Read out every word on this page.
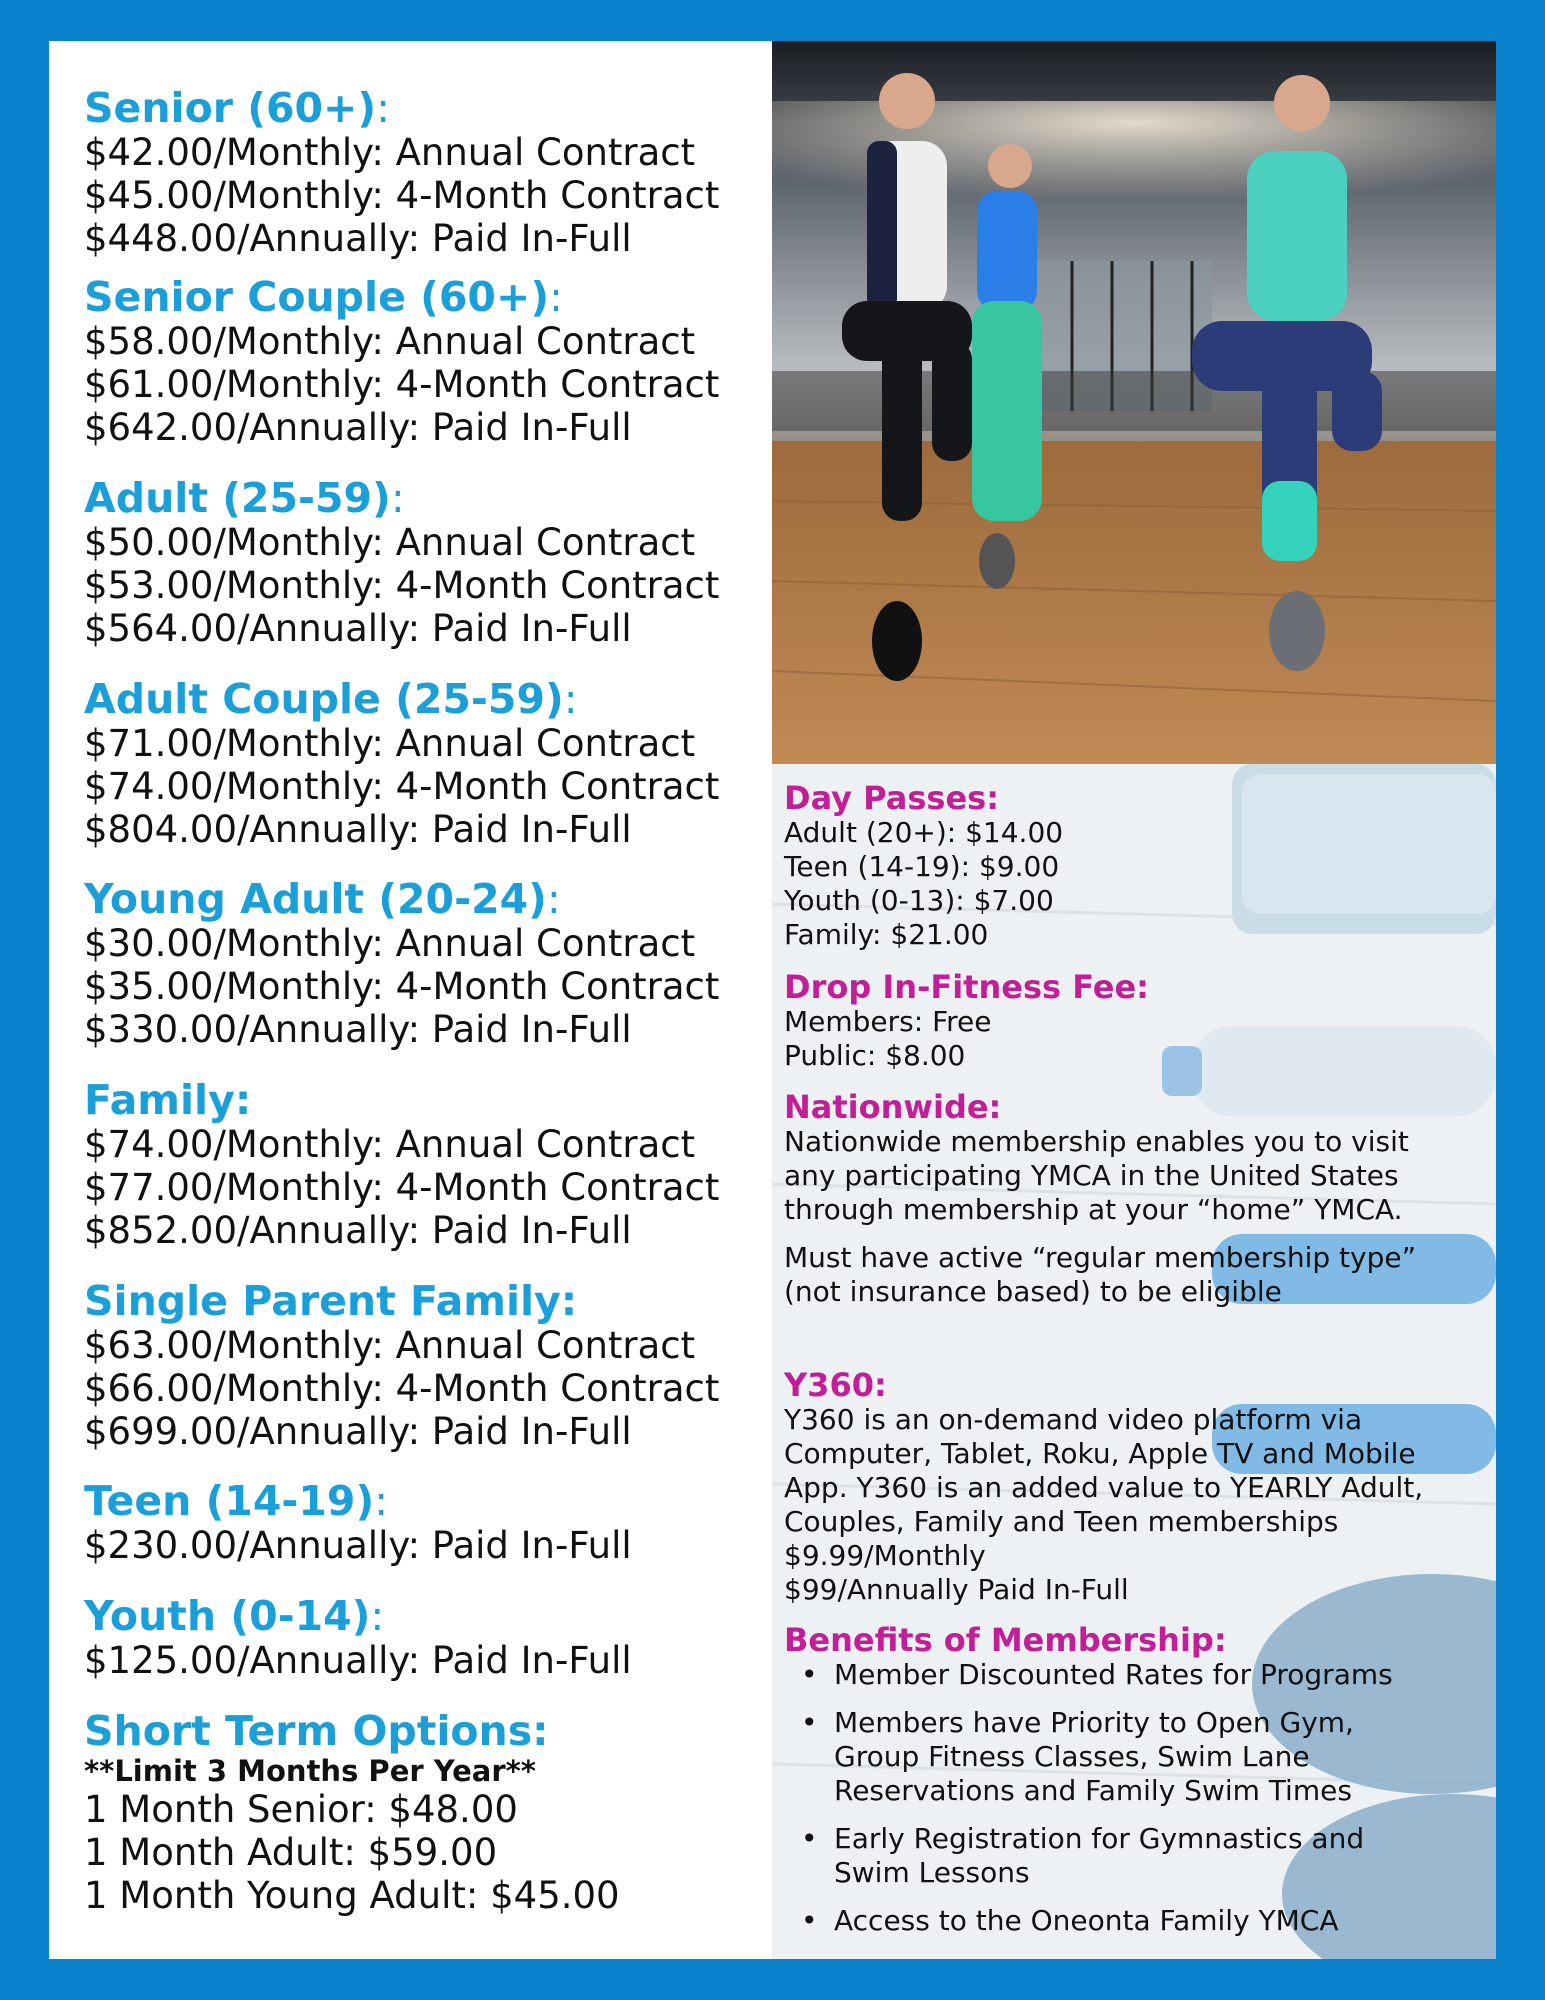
Senior (60+):
$42.00/Monthly: Annual Contract
$45.00/Monthly: 4-Month Contract
$448.00/Annually: Paid In-Full
Senior Couple (60+):
$58.00/Monthly: Annual Contract
$61.00/Monthly: 4-Month Contract
$642.00/Annually: Paid In-Full
Adult (25-59):
$50.00/Monthly: Annual Contract
$53.00/Monthly: 4-Month Contract
$564.00/Annually: Paid In-Full
Adult Couple (25-59):
$71.00/Monthly: Annual Contract
$74.00/Monthly: 4-Month Contract
$804.00/Annually: Paid In-Full
Young Adult (20-24):
$30.00/Monthly: Annual Contract
$35.00/Monthly: 4-Month Contract
$330.00/Annually: Paid In-Full
Family:
$74.00/Monthly: Annual Contract
$77.00/Monthly: 4-Month Contract
$852.00/Annually: Paid In-Full
Single Parent Family:
$63.00/Monthly: Annual Contract
$66.00/Monthly: 4-Month Contract
$699.00/Annually: Paid In-Full
Teen (14-19):
$230.00/Annually: Paid In-Full
Youth (0-14):
$125.00/Annually: Paid In-Full
Short Term Options:
**Limit 3 Months Per Year**
1 Month Senior: $48.00
1 Month Adult: $59.00
1 Month Young Adult: $45.00
Day Passes:
Adult (20+): $14.00
Teen (14-19): $9.00
Youth (0-13): $7.00
Family: $21.00
Drop In-Fitness Fee:
Members: Free
Public: $8.00
Nationwide:
Nationwide membership enables you to visit
any participating YMCA in the United States
through membership at your “home” YMCA.
Must have active “regular membership type”
(not insurance based) to be eligible
Y360:
Y360 is an on-demand video platform via
Computer, Tablet, Roku, Apple TV and Mobile
App. Y360 is an added value to YEARLY Adult,
Couples, Family and Teen memberships
$9.99/Monthly
$99/Annually Paid In-Full
Benefits of Membership:
• Member Discounted Rates for Programs
• Members have Priority to Open Gym,
Group Fitness Classes, Swim Lane
Reservations and Family Swim Times
• Early Registration for Gymnastics and
Swim Lessons
• Access to the Oneonta Family YMCA
